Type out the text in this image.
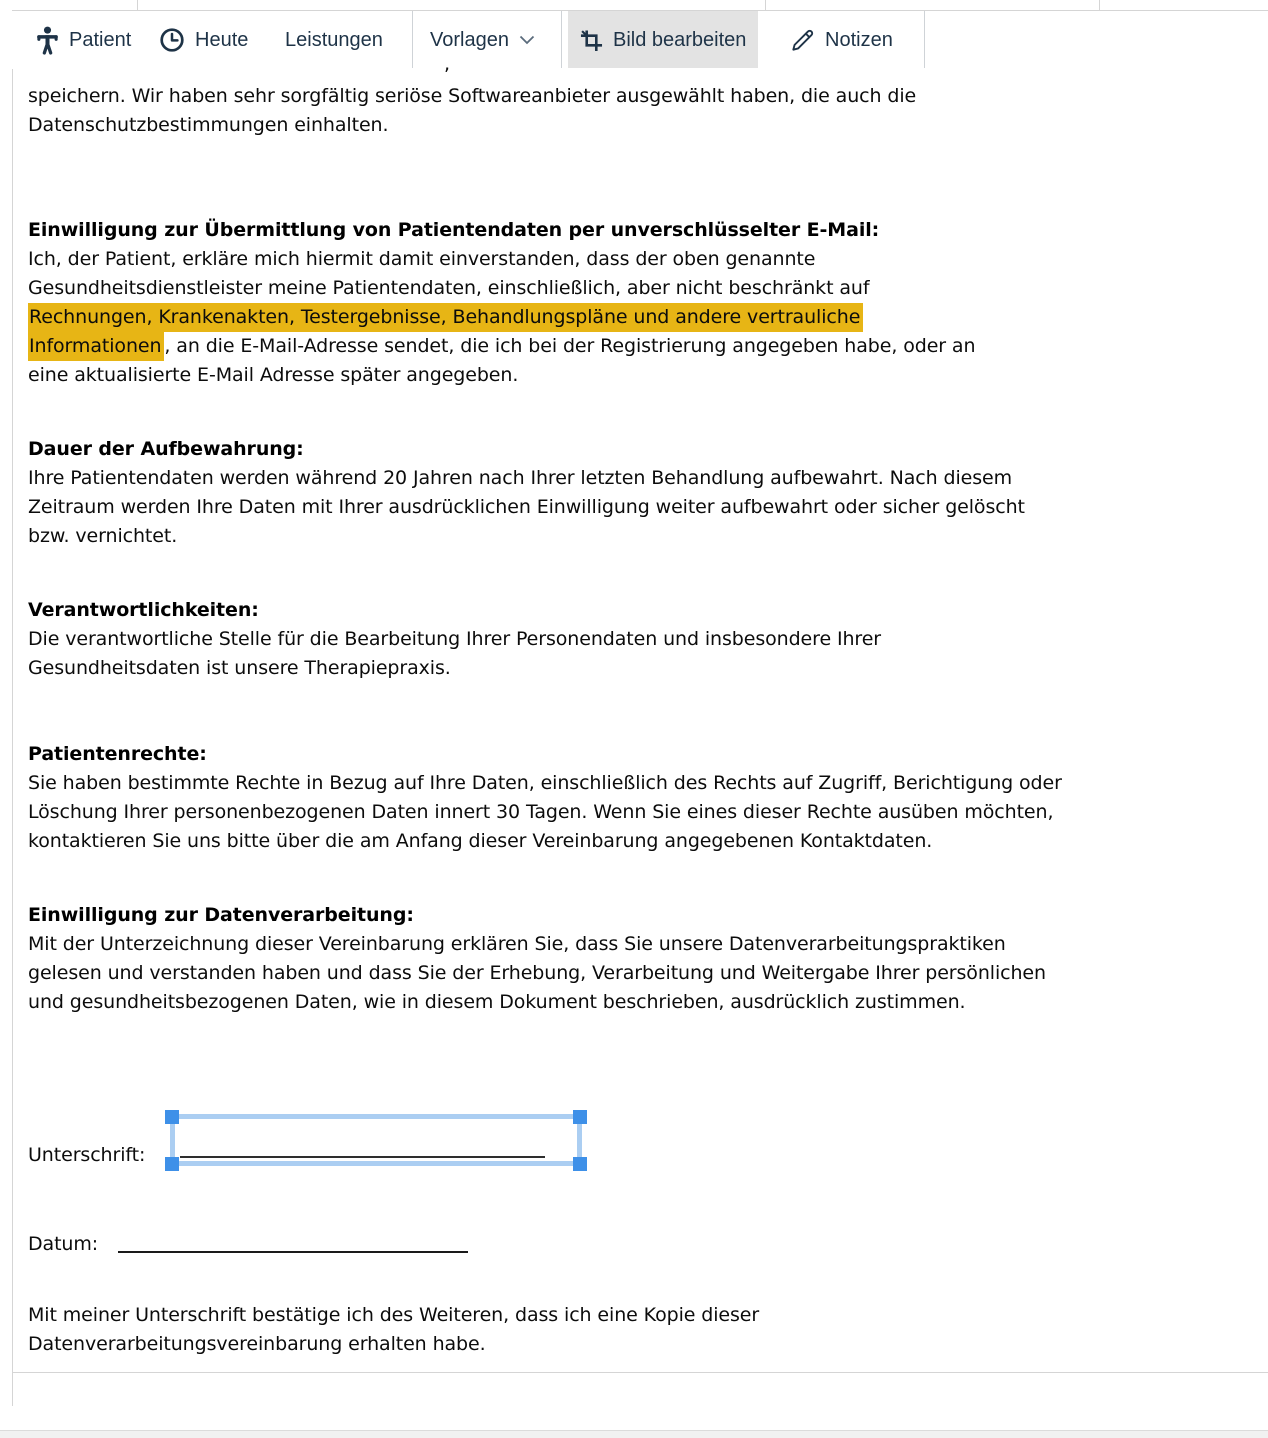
Patient	Heute Leistungen Vorlagen	Bild bearbeiten	Notizen
,
speichern. Wir haben sehr sorgfältig seriöse Softwareanbieter ausgewählt haben, die auch die
Datenschutzbestimmungen einhalten.
Einwilligung zur Übermittlung von Patientendaten per unverschlüsselter E-Mail:
Ich, der Patient, erkläre mich hiermit damit einverstanden, dass der oben genannte
Gesundheitsdienstleister meine Patientendaten, einschließlich, aber nicht beschränkt auf
Rechnungen, Krankenakten, Testergebnisse, Behandlungspläne und andere vertrauliche
Informationen , an die E-Mail-Adresse sendet, die ich bei der Registrierung angegeben habe, oder an
eine aktualisierte E-Mail Adresse später angegeben.
Dauer der Aufbewahrung:
Ihre Patientendaten werden während 20 Jahren nach Ihrer letzten Behandlung aufbewahrt. Nach diesem
Zeitraum werden Ihre Daten mit Ihrer ausdrücklichen Einwilligung weiter aufbewahrt oder sicher gelöscht
bzw. vernichtet.
Verantwortlichkeiten:
Die verantwortliche Stelle für die Bearbeitung Ihrer Personendaten und insbesondere Ihrer
Gesundheitsdaten ist unsere Therapiepraxis.
Patientenrechte:
Sie haben bestimmte Rechte in Bezug auf Ihre Daten, einschließlich des Rechts auf Zugriff, Berichtigung oder
Löschung Ihrer personenbezogenen Daten innert 30 Tagen. Wenn Sie eines dieser Rechte ausüben möchten,
kontaktieren Sie uns bitte über die am Anfang dieser Vereinbarung angegebenen Kontaktdaten.
Einwilligung zur Datenverarbeitung:
Mit der Unterzeichnung dieser Vereinbarung erklären Sie, dass Sie unsere Datenverarbeitungspraktiken
gelesen und verstanden haben und dass Sie der Erhebung, Verarbeitung und Weitergabe Ihrer persönlichen
und gesundheitsbezogenen Daten, wie in diesem Dokument beschrieben, ausdrücklich zustimmen.
Unterschrift:
Datum:
Mit meiner Unterschrift bestätige ich des Weiteren, dass ich eine Kopie dieser
Datenverarbeitungsvereinbarung erhalten habe.
